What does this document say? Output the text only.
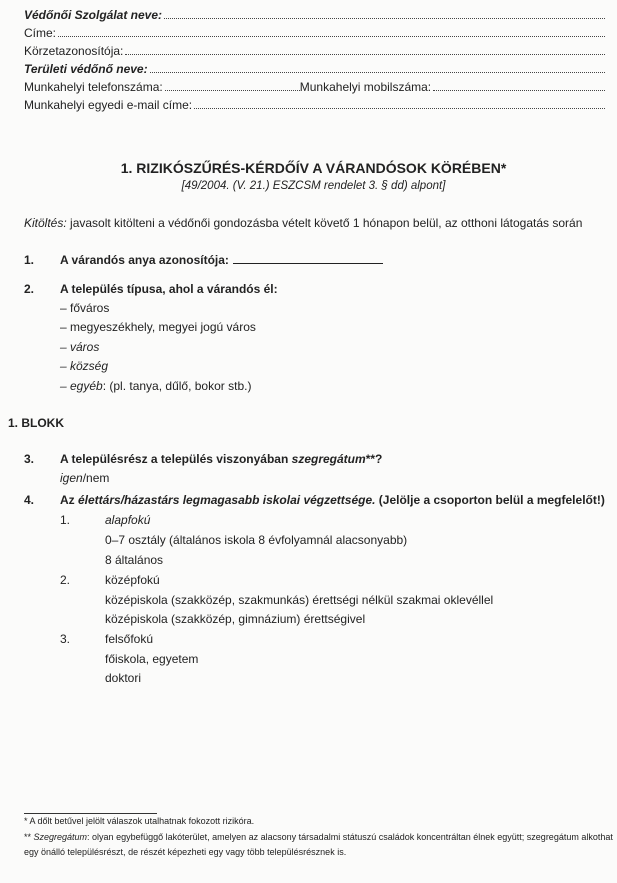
Védőnői Szolgálat neve:
Címe:
Körzetazonosítója:
Területi védőnő neve:
Munkahelyi telefonszáma:	Munkahelyi mobilszáma:
Munkahelyi egyedi e-mail címe:
1. RIZIKÓSZŰRÉS-KÉRDŐÍV A VÁRANDÓSOK KÖRÉBEN*
[49/2004. (V. 21.) ESZCSM rendelet 3. § dd) alpont]
Kitöltés: javasolt kitölteni a védőnői gondozásba vételt követő 1 hónapon belül, az otthoni látogatás során
1. A várandós anya azonosítója:
2. A település típusa, ahol a várandós él:
– főváros
– megyeszékhely, megyei jogú város
– város
– község
– egyéb: (pl. tanya, dűlő, bokor stb.)
1. BLOKK
3. A településrész a település viszonyában szegregátum**?
igen/nem
4. Az élettárs/házastárs legmagasabb iskolai végzettsége. (Jelölje a csoporton belül a megfelelőt!)
1.	alapfokú
0–7 osztály (általános iskola 8 évfolyamnál alacsonyabb)
8 általános
2.	középfokú
középiskola (szakközép, szakmunkás) érettségi nélkül szakmai oklevéllel
középiskola (szakközép, gimnázium) érettségivel
3.	felsőfokú
főiskola, egyetem
doktori
* A dőlt betűvel jelölt válaszok utalhatnak fokozott rizikóra.
** Szegregátum: olyan egybefüggő lakóterület, amelyen az alacsony társadalmi státuszú családok koncentráltan élnek együtt; szegregátum alkothat
egy önálló településrészt, de részét képezheti egy vagy több településrésznek is.
